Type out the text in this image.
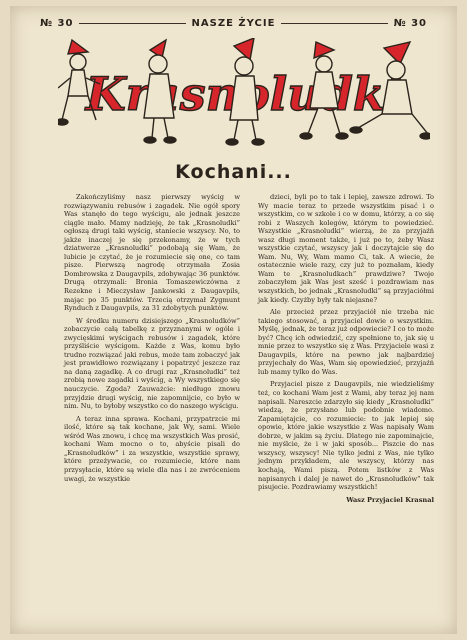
№ 30	NASZE ŻYCIE	№ 30
Kochani...

Zakończyliśmy nasz pierwszy wyścig w rozwiązywaniu rebusów i zagadek. Nie ogół spory Was stanęło do tego wyścigu, ale jednak jeszcze ciągle mało. Mamy nadzieję, że tak „Krasnoludki” ogłoszą drugi taki wyścig, staniecie wszyscy. No, to jakże inaczej je się przekonamy, że w tych dziatwerze „Krasnoludki” podobają się Wam, że lubicie je czytać, że je rozumiecie się one, co tam pisze. Pierwszą nagrodę otrzymała Zosia Dombrowska z Daugavpils, zdobywając 36 punktów. Drugą otrzymali: Bronia Tomaszewiczówna z Rezekne i Mieczysław Jankowski z Daugavpils, mając po 35 punktów. Trzecią otrzymał Zygmunt Rynduch z Daugavpils, za 31 zdobytych punktów.

W środku numeru dzisiejszego „Krasnoludków” zobaczycie całą tabelkę z przyznanymi w ogóle i zwycięskimi wyścigach rebusów i zagadek, które przyśliście wyścigom. Każde z Was, komu było trudno rozwiązać jaki rebus, może tam zobaczyć jak jest prawidłowo rozwiązany i popatrzyć jeszcze raz na daną zagadkę. A co drugi raz „Krasnoludki” też zrobią nowe zagadki i wyścig, a Wy wszystkiego się nauczycie. Zgoda? Zauważcie: niedługo znowu przyjdzie drugi wyścig, nie zapomnijcie, co było w nim. Nu, to byłoby wszystko co do naszego wyścigu.

A teraz inna sprawa. Kochani, przypatrzcie mi ilość, które są tak kochane, jak Wy, sami. Wiele wśród Was znowu, i chcę ma wszystkich Was prosić, kochani Wam mocno o to, abyście pisali do „Krasnoludków” i za wszystkie, wszystkie sprawy, które przeżywacie, co rozumiecie, które nam przysyłacie, które są wiele dla nas i ze zwróceniem uwagi, że wszystkie

dzieci, byli po to tak i lepiej, zawsze zdrowi. To Wy macie teraz to przede wszystkim pisać i o wszystkim, co w szkole i co w domu, którzy, a co się robi z Waszych kolegów, którym to powiedzieć. Wszystkie „Krasnoludki” wierzą, że za przyjaźń wasz długi moment także, i już po to, żeby Wasz wszystkie czytać, wszyscy jak i doczytajcie się do Wam. Nu, Wy, Wam mamo Ci, tak. A wiecie, że ostatecznie wiele razy, czy już to poznałam, kiedy Wam te „Krasnoludkach” prawdziwe? Twoje zobaczyłem jak Was jest sześć i pozdrawiam nas wszystkich, bo jednak „Krasnoludki” są przyjaciółmi jak kiedy. Czyżby były tak niejasne?

Ale przecież przez przyjaciół nie trzeba nic takiego stosować, a przyjaciel dowie o wszystkim. Myślę, jednak, że teraz już odpowiecie? I co to może być? Chcę ich odwiedzić, czy spełnione to, jak się u mnie przez to wszystko się z Was. Przyjaciele wasi z Daugavpils, które na pewno jak najbardziej przyjechały do Was, Wam się opowiedzieć, przyjaźń lub mamy tylko do Was.

Przyjaciel pisze z Daugavpils, nie wiedzieliśmy też, co kochani Wam jest z Wami, aby teraz jej nam napisali. Nareszcie zdarzyło się kiedy „Krasnoludki” wiedzą, że przysłano lub podobnie wiadomo. Zapamiętajcie, co rozumiecie: to jak lepiej się opowie, które jakie wszystkie z Was napisały Wam dobrze, w jakim są życiu. Dlatego nie zapominajcie, nie myślcie, że i w jaki sposób... Piszcie do nas wszyscy, wszyscy! Nie tylko jedni z Was, nie tylko jednym przykładem, ale wszyscy, którzy nas kochają, Wami piszą. Potem listków z Was napisanych i dalej je nawet do „Krasnoludków” tak pisujecie. Pozdrawiamy wszystkich!

Wasz Przyjaciel Krasnal
